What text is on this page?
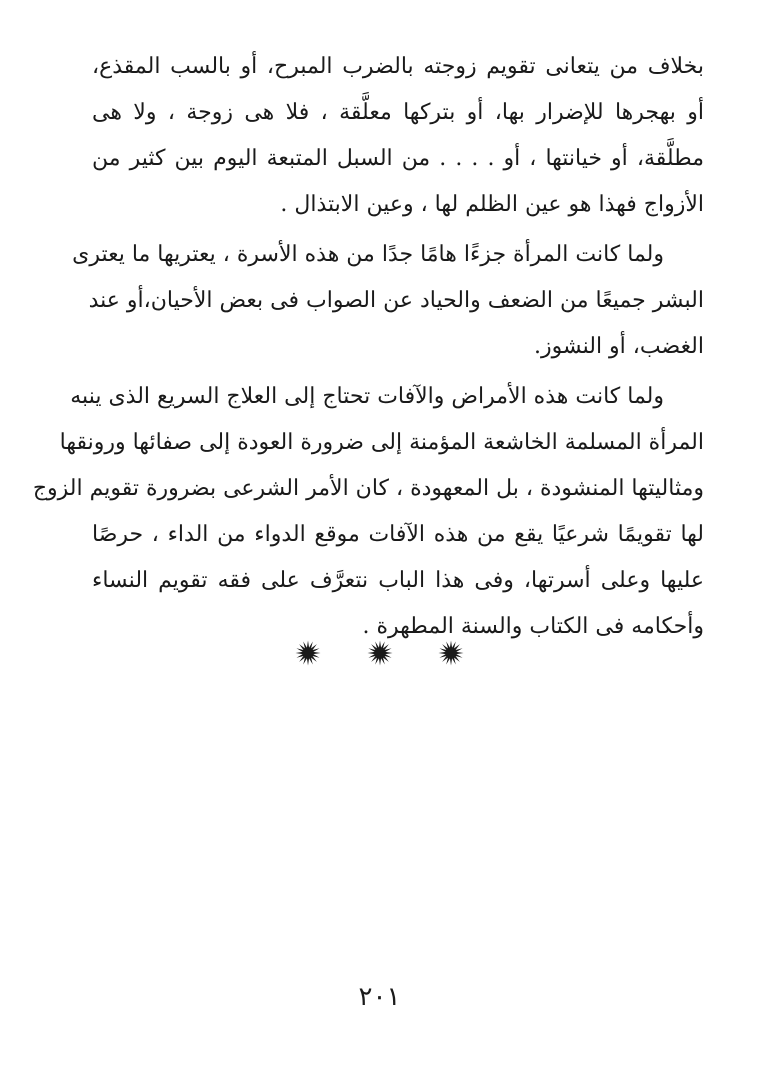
بخلاف من يتعانى تقويم زوجته بالضرب المبرح، أو بالسب المقذع،
أو بهجرها للإضرار بها، أو بتركها معلَّقة ، فلا هى زوجة ، ولا هى
مطلَّقة، أو خيانتها ، أو . . . . من السبل المتبعة اليوم بين كثير من
الأزواج فهذا هو عين الظلم لها ، وعين الابتذال .
ولما كانت المرأة جزءًا هامًا جدًا من هذه الأسرة ، يعتريها ما يعترى
البشر جميعًا من الضعف والحياد عن الصواب فى بعض الأحيان،أو عند
الغضب، أو النشوز.
ولما كانت هذه الأمراض والآفات تحتاج إلى العلاج السريع الذى ينبه
المرأة المسلمة الخاشعة المؤمنة إلى ضرورة العودة إلى صفائها ورونقها
ومثاليتها المنشودة ، بل المعهودة ، كان الأمر الشرعى بضرورة تقويم الزوج
لها تقويمًا شرعيًا يقع من هذه الآفات موقع الدواء من الداء ، حرصًا
عليها وعلى أسرتها، وفى هذا الباب نتعرَّف على فقه تقويم النساء
وأحكامه فى الكتاب والسنة المطهرة .

٢٠١
